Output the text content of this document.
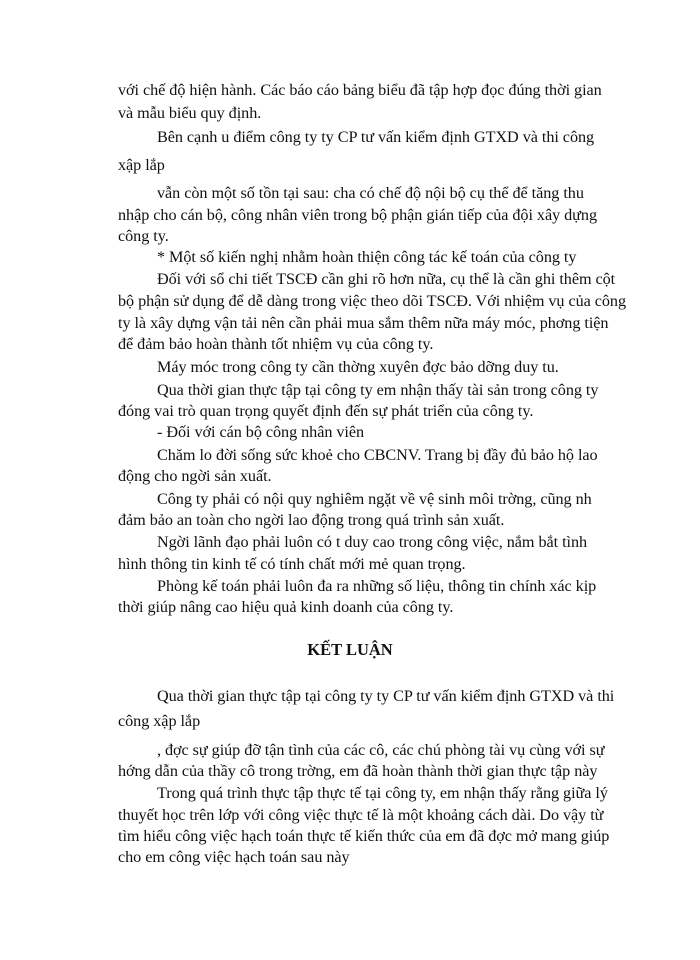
với chế độ hiện hành. Các báo cáo bảng biểu đã tập hợp đọc đúng thời gian

và mẫu biểu quy định.

Bên cạnh u điểm công ty ty CP tư vấn kiểm định GTXD và thi công

xập lắp

vẫn còn một số tồn tại sau: cha có chế độ nội bộ cụ thể để tăng thu

nhập cho cán bộ, công nhân viên trong bộ phận gián tiếp của đội xây dựng

công ty.

* Một số kiến nghị nhằm hoàn thiện công tác kế toán của công ty

Đối với sổ chi tiết TSCĐ cần ghi rõ hơn nữa, cụ thể là cần ghi thêm cột

bộ phận sử dụng để dễ dàng trong việc theo dõi TSCĐ. Với nhiệm vụ của công

ty là xây dựng vận tải nên cần phải mua sắm thêm nữa máy móc, phơng tiện

để đảm bảo hoàn thành tốt nhiệm vụ của công ty.

Máy móc trong công ty cần thờng xuyên đợc bảo dỡng duy tu.

Qua thời gian thực tập tại công ty em nhận thấy tài sản trong công ty

đóng vai trò quan trọng quyết định đến sự phát triển của công ty.

- Đối với cán bộ công nhân viên

Chăm lo đời sống sức khoẻ cho CBCNV. Trang bị đầy đủ bảo hộ lao

động cho ngời sản xuất.

Công ty phải có nội quy nghiêm ngặt về vệ sinh môi trờng, cũng nh

đảm bảo an toàn cho ngời lao động trong quá trình sản xuất.

Ngời lãnh đạo phải luôn có t duy cao trong công việc, nắm bắt tình

hình thông tin kinh tế có tính chất mới mẻ quan trọng.

Phòng kế toán phải luôn đa ra những số liệu, thông tin chính xác kịp

thời giúp nâng cao hiệu quả kinh doanh của công ty.

KẾT LUẬN

Qua thời gian thực tập tại công ty ty CP tư vấn kiểm định GTXD và thi

công xập lắp

, đợc sự giúp đỡ tận tình của các cô, các chú phòng tài vụ cùng với sự

hớng dẫn của thầy cô trong trờng, em đã hoàn thành thời gian thực tập này

Trong quá trình thực tập thực tế tại công ty, em nhận thấy rằng giữa lý

thuyết học trên lớp với công việc thực tế là một khoảng cách dài. Do vậy từ

tìm hiểu công việc hạch toán thực tế kiến thức của em đã đợc mở mang giúp

cho em công việc hạch toán sau này
